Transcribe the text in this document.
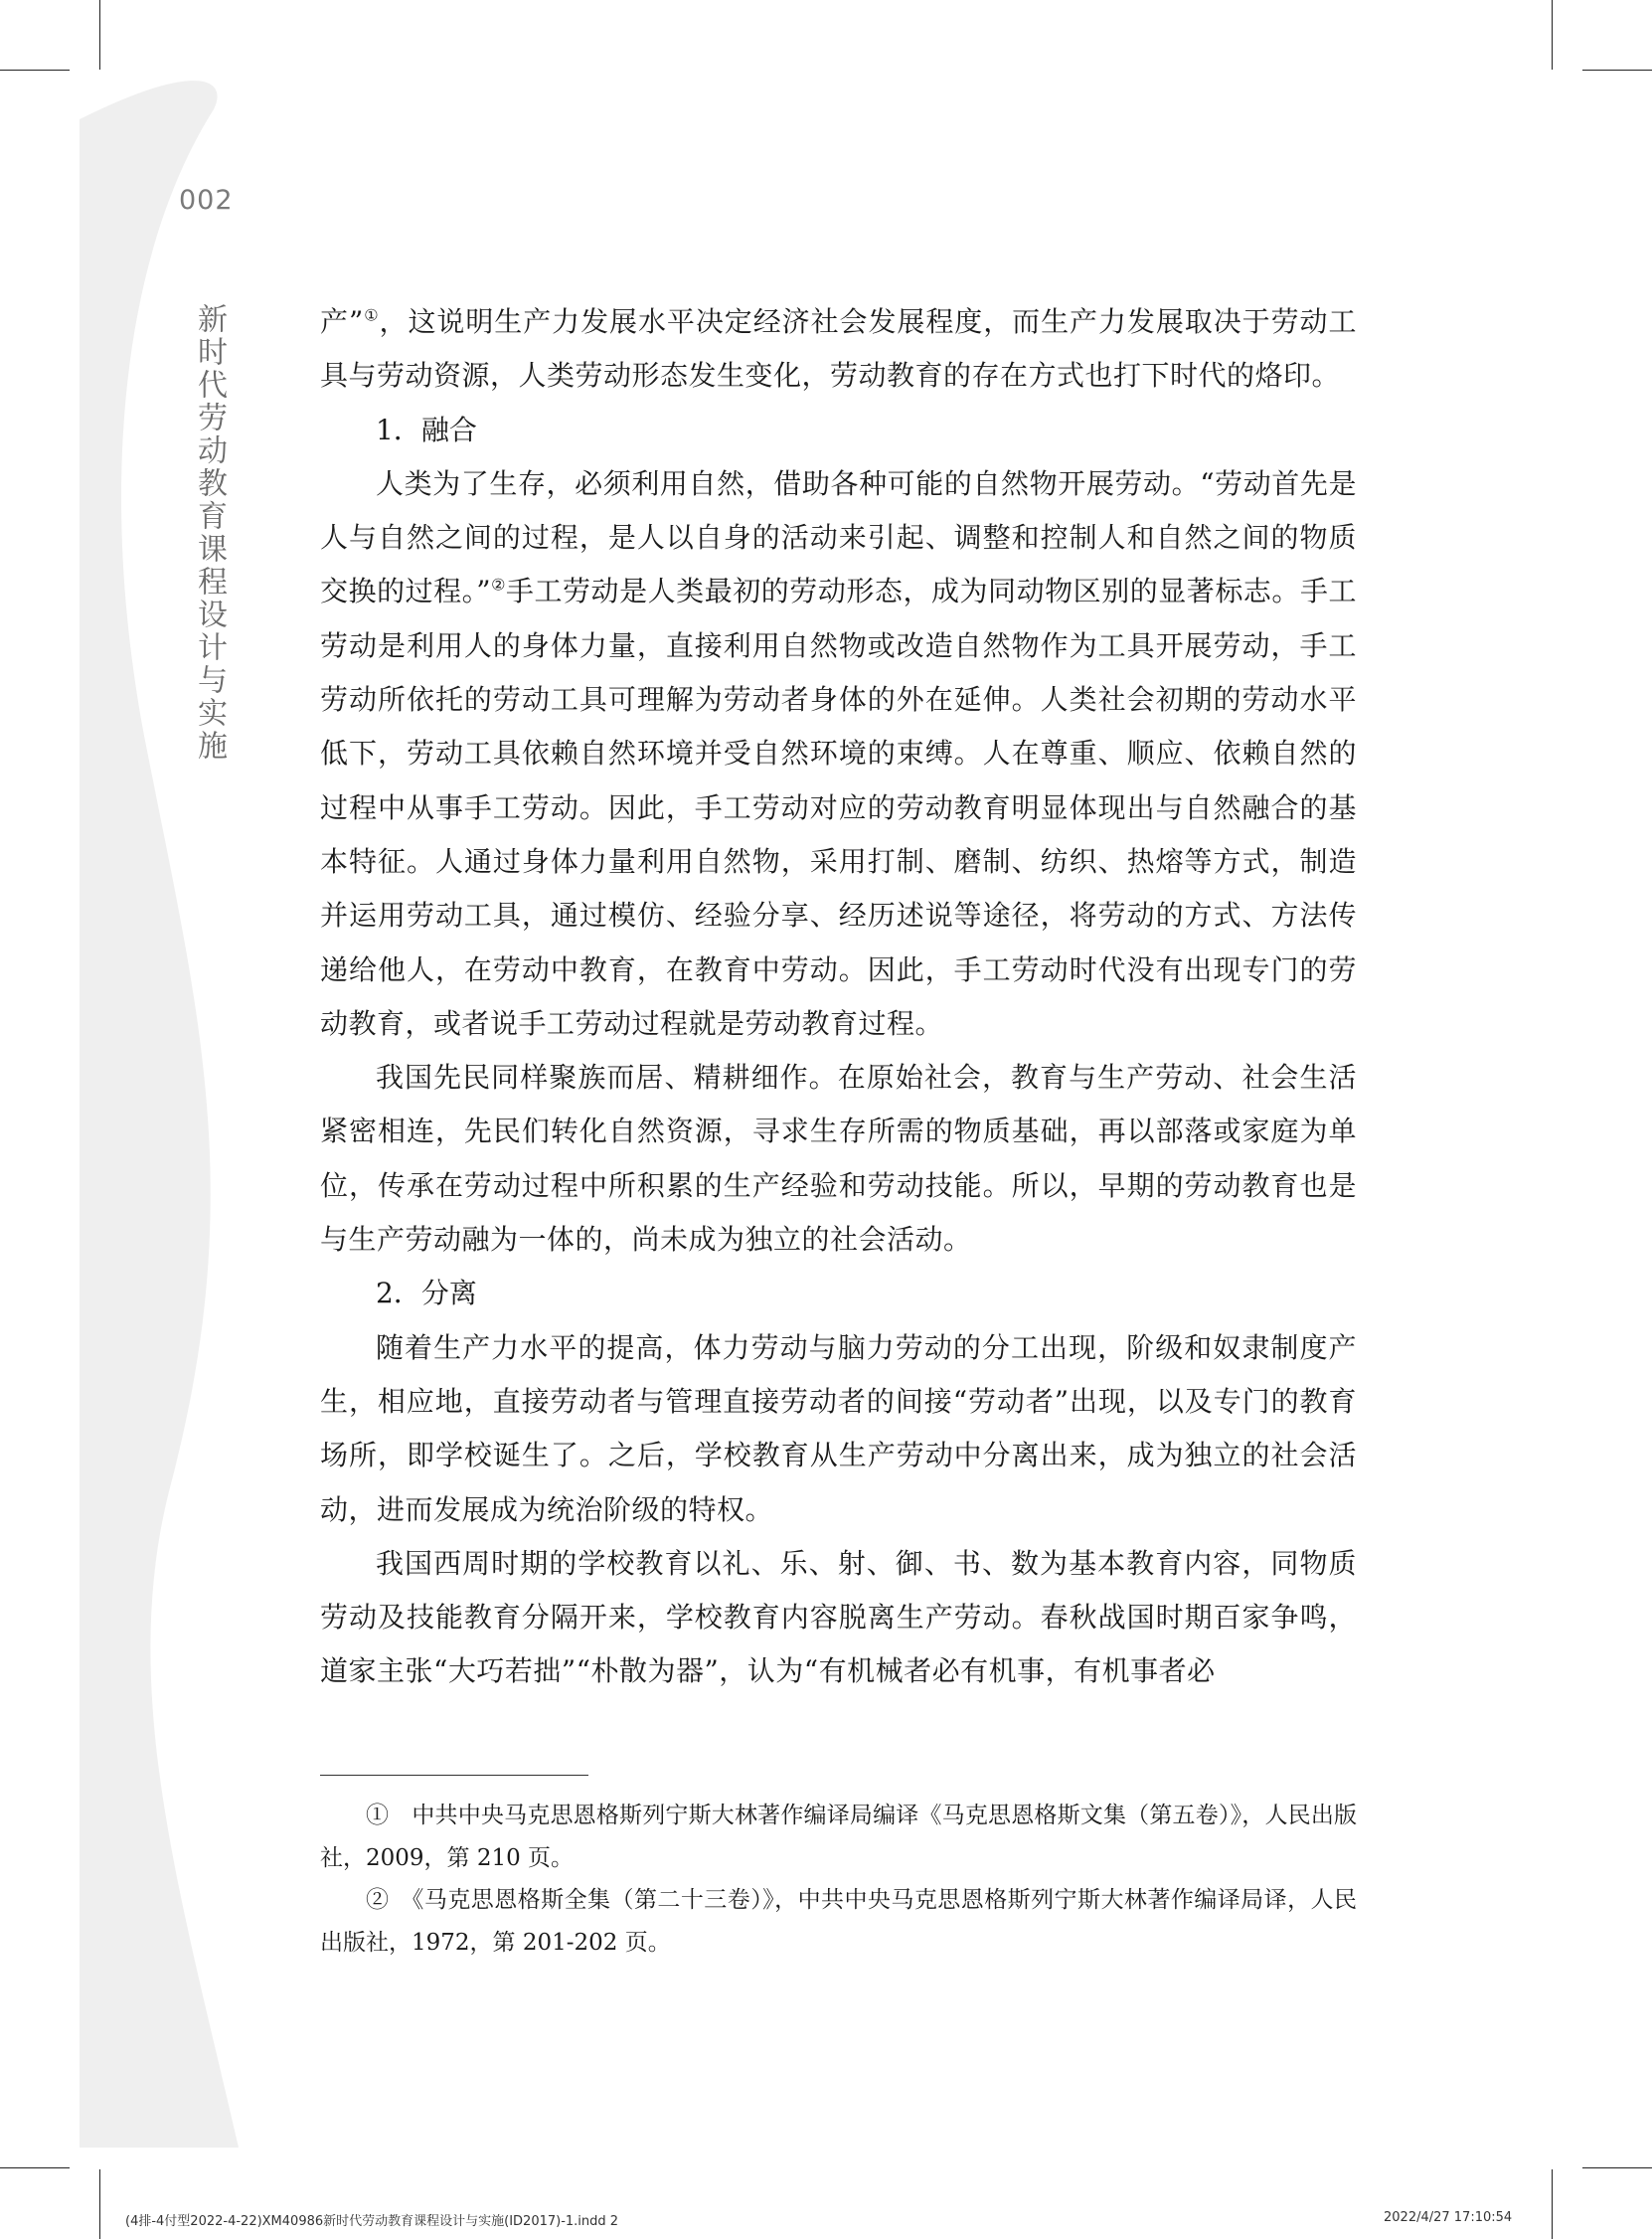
002
新时代劳动教育课程设计与实施	产”①，这说明生产力发展水平决定经济社会发展程度，而生产力发展取决于劳动工具与劳动资源，人类劳动形态发生变化，劳动教育的存在方式也打下时代的烙印。

1．融合

人类为了生存，必须利用自然，借助各种可能的自然物开展劳动。“劳动首先是人与自然之间的过程，是人以自身的活动来引起、调整和控制人和自然之间的物质交换的过程。”②手工劳动是人类最初的劳动形态，成为同动物区别的显著标志。手工劳动是利用人的身体力量，直接利用自然物或改造自然物作为工具开展劳动，手工劳动所依托的劳动工具可理解为劳动者身体的外在延伸。人类社会初期的劳动水平低下，劳动工具依赖自然环境并受自然环境的束缚。人在尊重、顺应、依赖自然的过程中从事手工劳动。因此，手工劳动对应的劳动教育明显体现出与自然融合的基本特征。人通过身体力量利用自然物，采用打制、磨制、纺织、热熔等方式，制造并运用劳动工具，通过模仿、经验分享、经历述说等途径，将劳动的方式、方法传递给他人，在劳动中教育，在教育中劳动。因此，手工劳动时代没有出现专门的劳动教育，或者说手工劳动过程就是劳动教育过程。

我国先民同样聚族而居、精耕细作。在原始社会，教育与生产劳动、社会生活紧密相连，先民们转化自然资源，寻求生存所需的物质基础，再以部落或家庭为单位，传承在劳动过程中所积累的生产经验和劳动技能。所以，早期的劳动教育也是与生产劳动融为一体的，尚未成为独立的社会活动。

2．分离

随着生产力水平的提高，体力劳动与脑力劳动的分工出现，阶级和奴隶制度产生，相应地，直接劳动者与管理直接劳动者的间接“劳动者”出现，以及专门的教育场所，即学校诞生了。之后，学校教育从生产劳动中分离出来，成为独立的社会活动，进而发展成为统治阶级的特权。

我国西周时期的学校教育以礼、乐、射、御、书、数为基本教育内容，同物质劳动及技能教育分隔开来，学校教育内容脱离生产劳动。春秋战国时期百家争鸣，道家主张“大巧若拙”“朴散为器”，认为“有机械者必有机事，有机事者必

①　中共中央马克思恩格斯列宁斯大林著作编译局编译《马克思恩格斯文集（第五卷）》，人民出版社，2009，第 210 页。

②　《马克思恩格斯全集（第二十三卷）》，中共中央马克思恩格斯列宁斯大林著作编译局译，人民出版社，1972，第 201-202 页。

(4排-4付型2022-4-22)XM40986新时代劳动教育课程设计与实施(ID2017)-1.indd 2	2022/4/27 17:10:54
